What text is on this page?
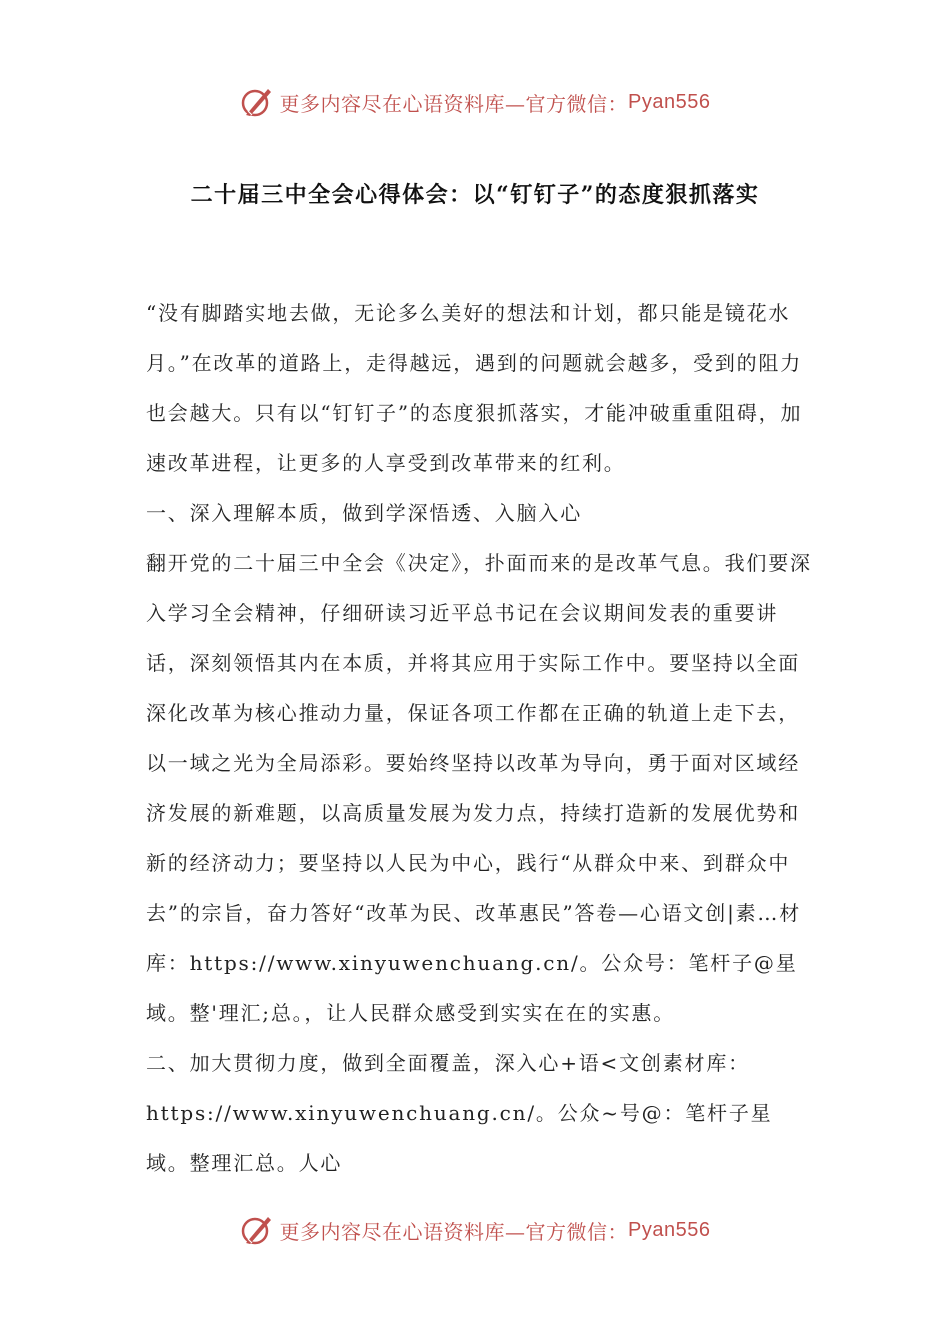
更多内容尽在心语资料库—官方微信： Pyan556
二十届三中全会心得体会：以“钉钉子”的态度狠抓落实

“没有脚踏实地去做，无论多么美好的想法和计划，都只能是镜花水月。”在改革的道路上，走得越远，遇到的问题就会越多，受到的阻力也会越大。只有以“钉钉子”的态度狠抓落实，才能冲破重重阻碍，加速改革进程，让更多的人享受到改革带来的红利。

一、深入理解本质，做到学深悟透、入脑入心

翻开党的二十届三中全会《决定》，扑面而来的是改革气息。我们要深入学习全会精神，仔细研读习近平总书记在会议期间发表的重要讲话，深刻领悟其内在本质，并将其应用于实际工作中。要坚持以全面深化改革为核心推动力量，保证各项工作都在正确的轨道上走下去，以一域之光为全局添彩。要始终坚持以改革为导向，勇于面对区域经济发展的新难题，以高质量发展为发力点，持续打造新的发展优势和新的经济动力；要坚持以人民为中心，践行“从群众中来、到群众中去”的宗旨，奋力答好“改革为民、改革惠民”答卷—心语文创|素…材库：https://www.xinyuwenchuang.cn/。公众号：笔杆子@星域。整'理汇;总。，让人民群众感受到实实在在的实惠。

二、加大贯彻力度，做到全面覆盖，深入心+语<文创素材库：https://www.xinyuwenchuang.cn/。公众~号@：笔杆子星域。整理汇总。人心

更多内容尽在心语资料库—官方微信： Pyan556
